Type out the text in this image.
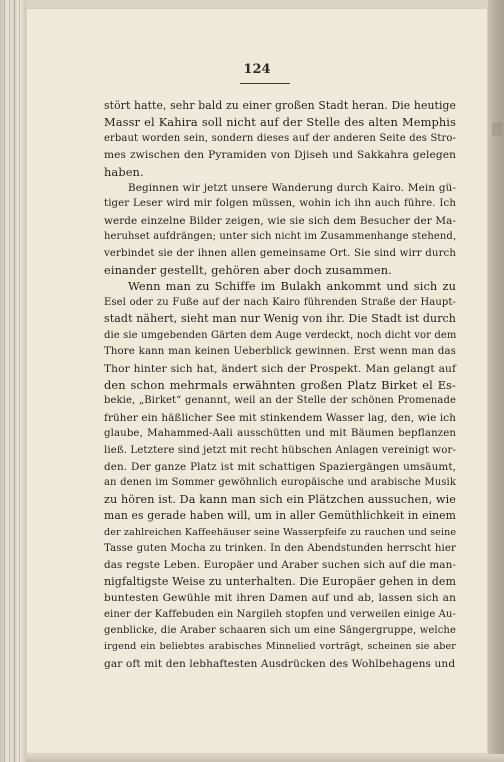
124
stört hatte, sehr bald zu einer großen Stadt heran. Die heutige
Massr el Kahira soll nicht auf der Stelle des alten Memphis
erbaut worden sein, sondern dieses auf der anderen Seite des Stro-
mes zwischen den Pyramiden von Djiseh und Sakkahra gelegen
haben.
Beginnen wir jetzt unsere Wanderung durch Kairo. Mein gü-
tiger Leser wird mir folgen müssen, wohin ich ihn auch führe. Ich
werde einzelne Bilder zeigen, wie sie sich dem Besucher der Ma-
heruhset aufdrängen; unter sich nicht im Zusammenhange stehend,
verbindet sie der ihnen allen gemeinsame Ort. Sie sind wirr durch
einander gestellt, gehören aber doch zusammen.
Wenn man zu Schiffe im Bulakh ankommt und sich zu
Esel oder zu Fuße auf der nach Kairo führenden Straße der Haupt-
stadt nähert, sieht man nur Wenig von ihr. Die Stadt ist durch
die sie umgebenden Gärten dem Auge verdeckt, noch dicht vor dem
Thore kann man keinen Ueberblick gewinnen. Erst wenn man das
Thor hinter sich hat, ändert sich der Prospekt. Man gelangt auf
den schon mehrmals erwähnten großen Platz Birket el Es-
bekie, „Birket“ genannt, weil an der Stelle der schönen Promenade
früher ein häßlicher See mit stinkendem Wasser lag, den, wie ich
glaube, Mahammed-Aali ausschütten und mit Bäumen bepflanzen
ließ. Letztere sind jetzt mit recht hübschen Anlagen vereinigt wor-
den. Der ganze Platz ist mit schattigen Spaziergängen umsäumt,
an denen im Sommer gewöhnlich europäische und arabische Musik
zu hören ist. Da kann man sich ein Plätzchen aussuchen, wie
man es gerade haben will, um in aller Gemüthlichkeit in einem
der zahlreichen Kaffeehäuser seine Wasserpfeife zu rauchen und seine
Tasse guten Mocha zu trinken. In den Abendstunden herrscht hier
das regste Leben. Europäer und Araber suchen sich auf die man-
nigfaltigste Weise zu unterhalten. Die Europäer gehen in dem
buntesten Gewühle mit ihren Damen auf und ab, lassen sich an
einer der Kaffebuden ein Nargileh stopfen und verweilen einige Au-
genblicke, die Araber schaaren sich um eine Sängergruppe, welche
irgend ein beliebtes arabisches Minnelied vorträgt, scheinen sie aber
gar oft mit den lebhaftesten Ausdrücken des Wohlbehagens und
